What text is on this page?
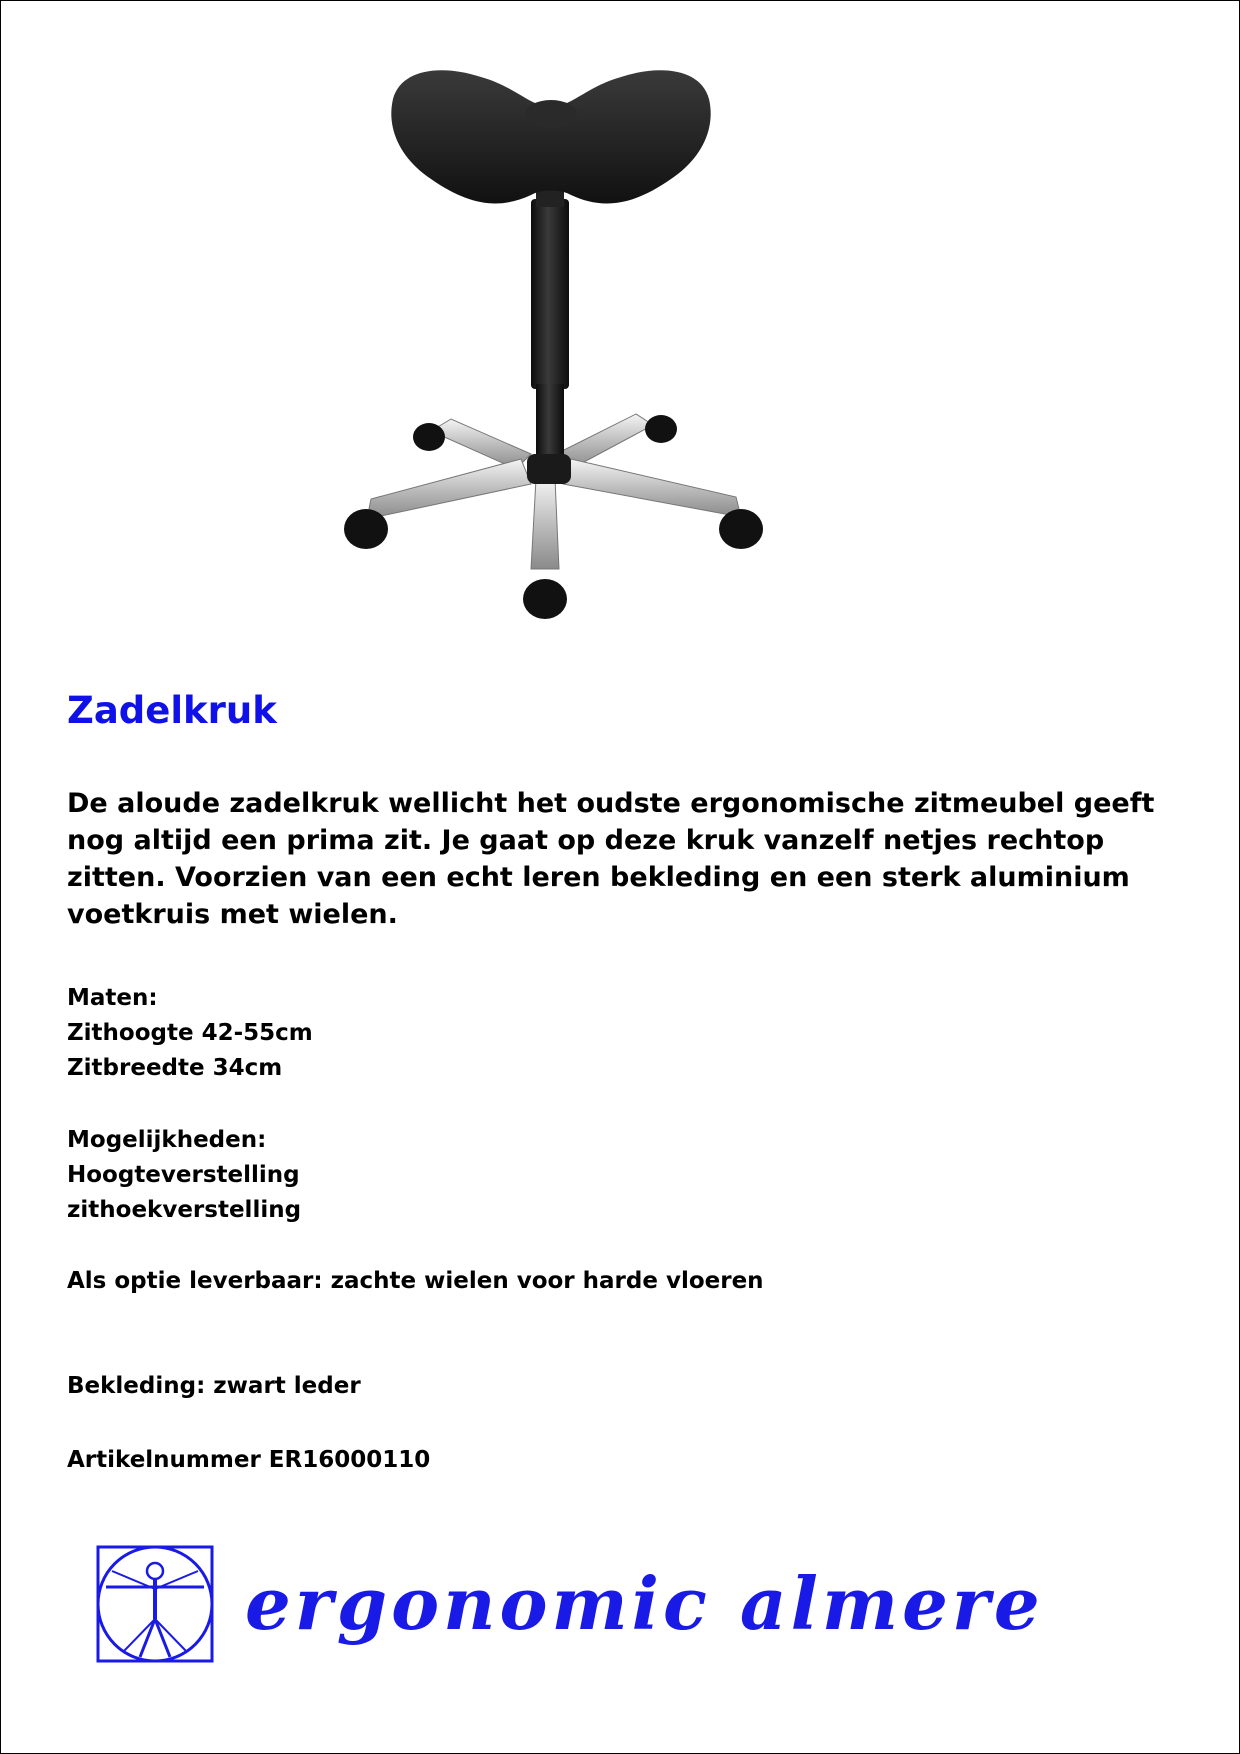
Zadelkruk

De aloude zadelkruk wellicht het oudste ergonomische zitmeubel geeft nog altijd een prima zit. Je gaat op deze kruk vanzelf netjes rechtop zitten. Voorzien van een echt leren bekleding en een sterk aluminium voetkruis met wielen.

Maten:
Zithoogte 42-55cm
Zitbreedte 34cm
Mogelijkheden:
Hoogteverstelling
zithoekverstelling

Als optie leverbaar: zachte wielen voor harde vloeren

Bekleding: zwart leder

Artikelnummer ER16000110

ergonomic almere
